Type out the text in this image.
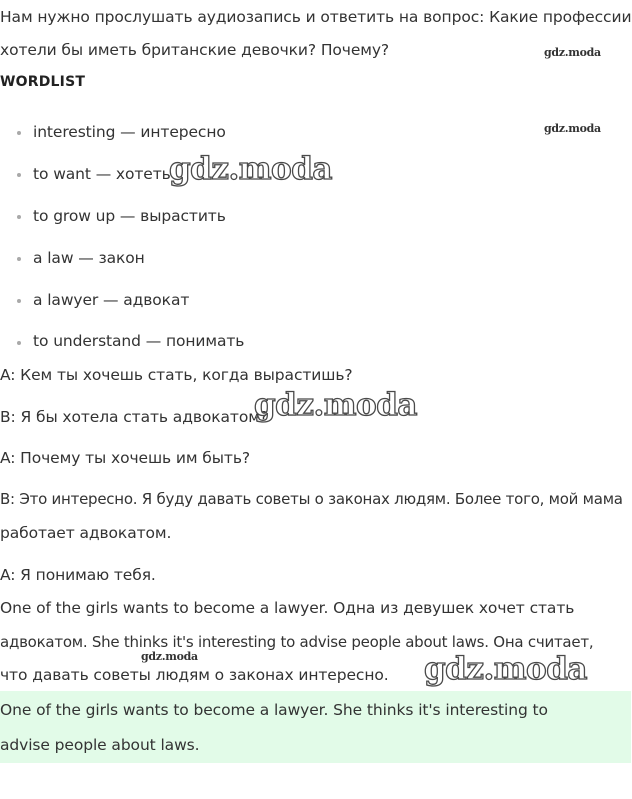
Нам нужно прослушать аудиозапись и ответить на вопрос: Какие профессии
хотели бы иметь британские девочки? Почему?
WORDLIST
interesting — интересно
to want — хотеть
to grow up — вырастить
a law — закон
a lawyer — адвокат
to understand — понимать
A: Кем ты хочешь стать, когда вырастишь?
B: Я бы хотела стать адвокатом?
A: Почему ты хочешь им быть?
B: Это интересно. Я буду давать советы о законах людям. Более того, мой мама
работает адвокатом.
A: Я понимаю тебя.
One of the girls wants to become a lawyer. Одна из девушек хочет стать
адвокатом. She thinks it's interesting to advise people about laws. Она считает,
что давать советы людям о законах интересно.
One of the girls wants to become a lawyer. She thinks it's interesting to
advise people about laws.
gdz.moda
gdz.moda
gdz.moda
gdz.moda
gdz.moda	gdz.moda
